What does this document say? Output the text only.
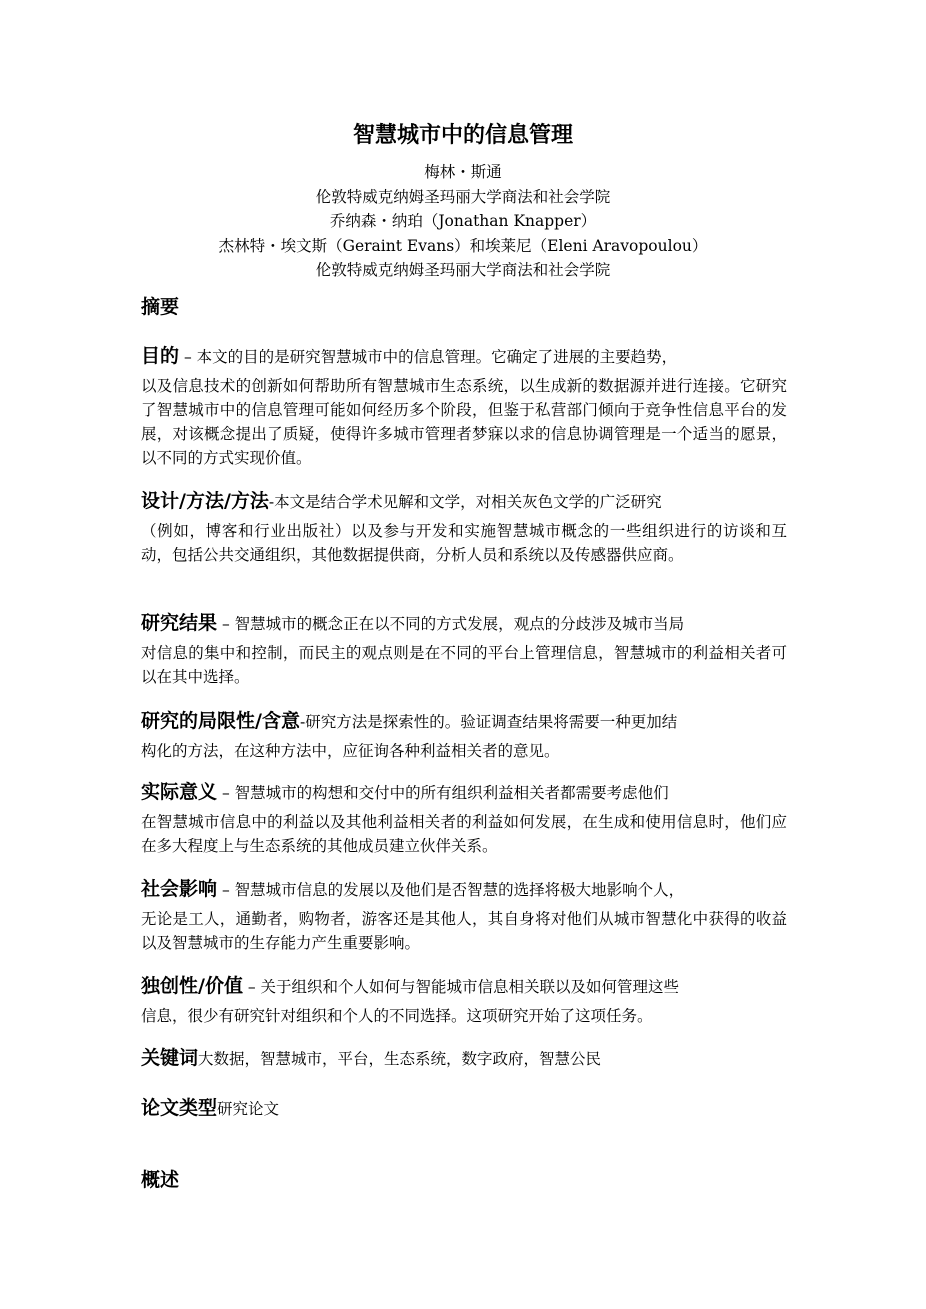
智慧城市中的信息管理
梅林・斯通
伦敦特威克纳姆圣玛丽大学商法和社会学院
乔纳森・纳珀（Jonathan Knapper）
杰林特・埃文斯（Geraint Evans）和埃莱尼（Eleni Aravopoulou）
伦敦特威克纳姆圣玛丽大学商法和社会学院
摘要
目的 – 本文的目的是研究智慧城市中的信息管理。它确定了进展的主要趋势，
以及信息技术的创新如何帮助所有智慧城市生态系统，以生成新的数据源并进行连接。它研究了智慧城市中的信息管理可能如何经历多个阶段，但鉴于私营部门倾向于竞争性信息平台的发展，对该概念提出了质疑，使得许多城市管理者梦寐以求的信息协调管理是一个适当的愿景，以不同的方式实现价值。
设计/方法/方法-本文是结合学术见解和文学，对相关灰色文学的广泛研究
（例如，博客和行业出版社）以及参与开发和实施智慧城市概念的一些组织进行的访谈和互动，包括公共交通组织，其他数据提供商，分析人员和系统以及传感器供应商。
研究结果 – 智慧城市的概念正在以不同的方式发展，观点的分歧涉及城市当局
对信息的集中和控制，而民主的观点则是在不同的平台上管理信息，智慧城市的利益相关者可以在其中选择。
研究的局限性/含意-研究方法是探索性的。验证调查结果将需要一种更加结
构化的方法，在这种方法中，应征询各种利益相关者的意见。
实际意义 – 智慧城市的构想和交付中的所有组织利益相关者都需要考虑他们
在智慧城市信息中的利益以及其他利益相关者的利益如何发展，在生成和使用信息时，他们应在多大程度上与生态系统的其他成员建立伙伴关系。
社会影响 – 智慧城市信息的发展以及他们是否智慧的选择将极大地影响个人，
无论是工人，通勤者，购物者，游客还是其他人，其自身将对他们从城市智慧化中获得的收益以及智慧城市的生存能力产生重要影响。
独创性/价值 – 关于组织和个人如何与智能城市信息相关联以及如何管理这些
信息，很少有研究针对组织和个人的不同选择。这项研究开始了这项任务。
关键词大数据，智慧城市，平台，生态系统，数字政府，智慧公民
论文类型研究论文
概述
